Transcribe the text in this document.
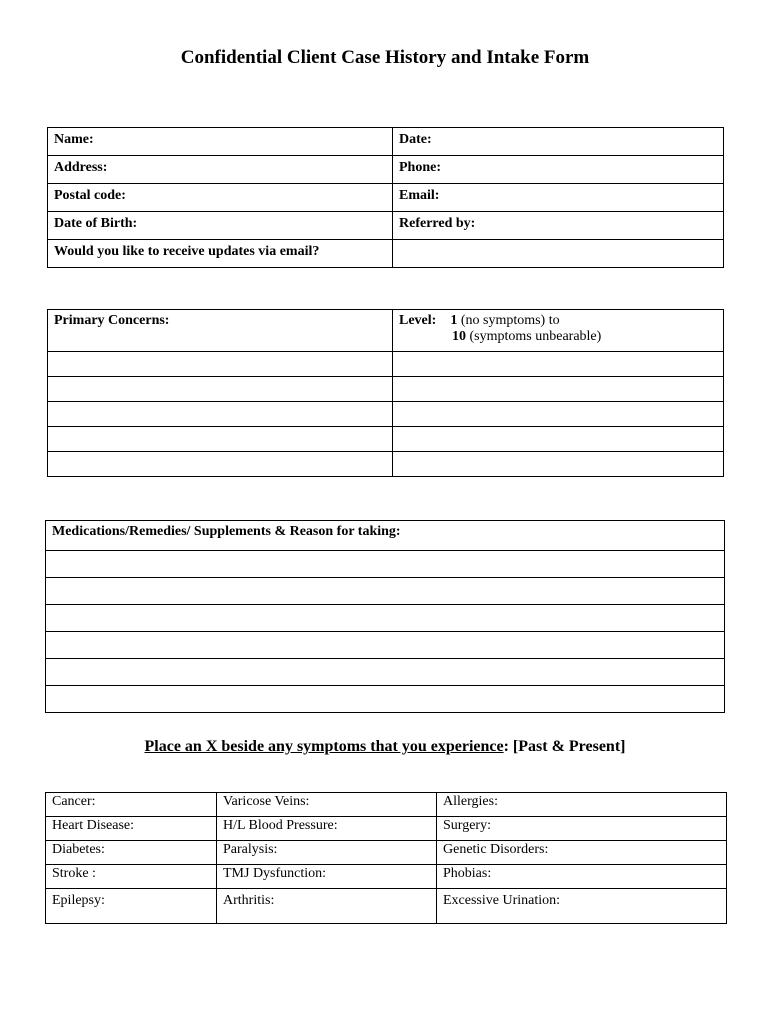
Confidential Client Case History and Intake Form
Name:	Date:
Address:	Phone:
Postal code:	Email:
Date of Birth:	Referred by:
Would you like to receive updates via email?	
Primary Concerns:	Level: 1 (no symptoms) to
10 (symptoms unbearable)

Medications/Remedies/ Supplements & Reason for taking:

Place an X beside any symptoms that you experience: [Past & Present]
Cancer:	Varicose Veins:	Allergies:
Heart Disease:	H/L Blood Pressure:	Surgery:
Diabetes:	Paralysis:	Genetic Disorders:
Stroke :	TMJ Dysfunction:	Phobias:
Epilepsy:	Arthritis:	Excessive Urination:
